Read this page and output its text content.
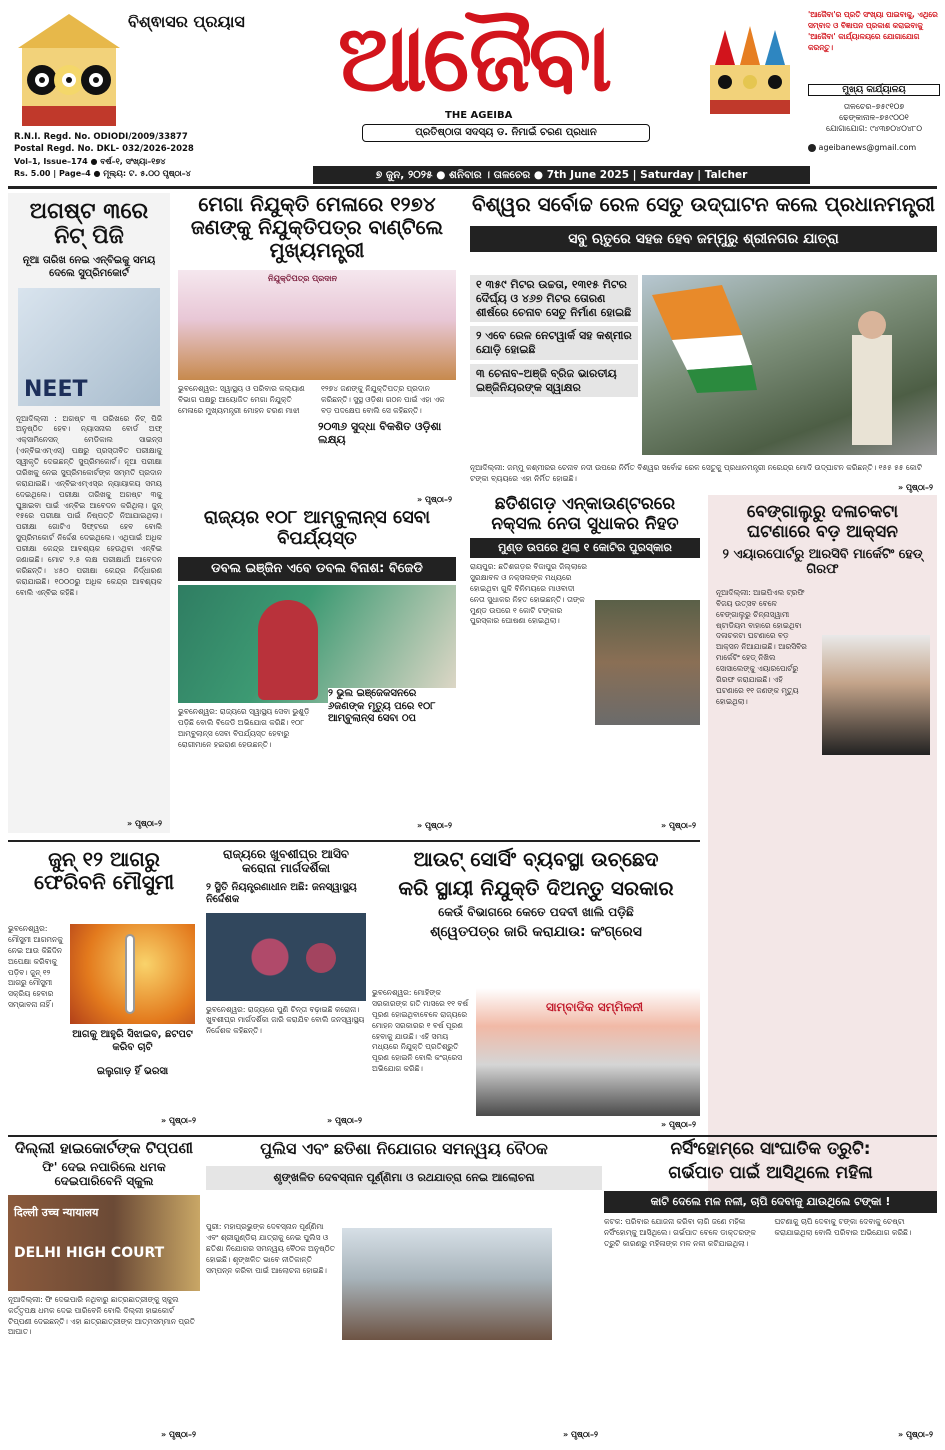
ବିଶ୍ଵାସର ପ୍ରୟାସ	ଆଜୈବା
THE AGEIBA
ପ୍ରତିଷ୍ଠାତା ସଦସ୍ୟ ଡ. ନିମାଇଁ ଚରଣ ପ୍ରଧାନ
'ଆଜୈବା'ର ପ୍ରତି ସଂଖ୍ୟା ପାଇବାକୁ, ଏଥିରେ ସମ୍ବାଦ ଓ ବିଜ୍ଞାପନ ପ୍ରକାଶ କରାଇବାକୁ 'ଆଜୈବା' କାର୍ଯ୍ୟାଳୟରେ ଯୋଗାଯୋଗ କରନ୍ତୁ।
ମୁଖ୍ୟ କାର୍ଯ୍ୟାଳୟ
ତାଳଚେର–୭୫୯୧୦୭
ଢେଙ୍କାନାଳ–୭୫୯୦୦୧
ଯୋଗାଯୋଗ: ୯୪୩୭୦୪୦୪୮୦
ageibanews@gmail.com
R.N.I. Regd. No. ODIODI/2009/33877
Postal Regd. No. DKL- 032/2026-2028
Vol–1, Issue–174 ● ବର୍ଷ–୧, ସଂଖ୍ୟା–୧୭୪
Rs. 5.00 | Page–4 ● ମୂଲ୍ୟ: ଟ. ୫.୦୦ ପୃଷ୍ଠା–୪	୭ ଜୁନ, ୨୦୨୫ ● ଶନିବାର । ତାଳଚେର ● 7th June 2025 | Saturday | Talcher
ଅଗଷ୍ଟ ୩ରେ ନିଟ୍ ପିଜି
ନୂଆ ତାରିଖ ନେଇ ଏନ୍‌ବିଇକୁ ସମୟ ଦେଲେ ସୁପ୍ରିମକୋର୍ଟ
NEET
ନୂଆଦିଲ୍ଲୀ : ଅଗଷ୍ଟ ୩ ତାରିଖରେ ନିଟ୍ ପିଜି ଅନୁଷ୍ଠିତ ହେବ। ନ୍ୟାସନାଲ ବୋର୍ଡ ଅଫ୍ ଏକ୍ସାମିନେସନ୍ ମେଡିକାଲ ସାଇନ୍ସ (ଏନ୍‌ବିଇଏମ୍‌ଏସ୍) ପକ୍ଷରୁ ପ୍ରସ୍ତାବିତ ପରୀକ୍ଷାକୁ ସ୍ୱୀକୃତି ଦେଇଛନ୍ତି ସୁପ୍ରିମକୋର୍ଟ। ନୂଆ ପରୀକ୍ଷା ତାରିଖକୁ ନେଇ ସୁପ୍ରିମକୋର୍ଟଙ୍କ ସମ୍ମତି ପ୍ରଦାନ କରାଯାଇଛି। ଏନ୍‌ବିଇଏମ୍‌ଏସ୍‌ର ନ୍ୟାୟାଳୟ ସମୟ ଦେଇଥିଲେ। ପରୀକ୍ଷା ତାରିଖକୁ ଅଗଷ୍ଟ ୩କୁ ଘୁଞ୍ଚାଇବା ପାଇଁ ଏନ୍‌ବିଇ ଆବେଦନ କରିଥିଲା। ଜୁନ୍ ୧୫ରେ ପରୀକ୍ଷା ପାଇଁ ନିଷ୍ପତ୍ତି ନିଆଯାଇଥିଲା। ପରୀକ୍ଷା ଗୋଟିଏ ସିଫ୍ଟରେ ହେବ ବୋଲି ସୁପ୍ରିମକୋର୍ଟ ନିର୍ଦ୍ଦେଶ ଦେଇଥିଲେ। ଏଥିପାଇଁ ଅଧିକ ପରୀକ୍ଷା କେନ୍ଦ୍ର ଆବଶ୍ୟକ ହେଉଥିବା ଏନ୍‌ବିଇ ଜଣାଇଛି। ମୋଟ ୨.୫ ଲକ୍ଷ ପରୀକ୍ଷାର୍ଥୀ ଆବେଦନ କରିଛନ୍ତି। ୪୫୦ ପରୀକ୍ଷା କେନ୍ଦ୍ର ନିର୍ଦ୍ଧାରଣ କରାଯାଇଛି। ୧୦୦୦ରୁ ଅଧିକ କେନ୍ଦ୍ର ଆବଶ୍ୟକ ବୋଲି ଏନ୍‌ବିଇ କହିଛି।
» ପୃଷ୍ଠା–୨
ମେଗା ନିଯୁକ୍ତି ମେଳାରେ ୧୨୭୪
ଜଣଙ୍କୁ ନିଯୁକ୍ତିପତ୍ର ବାଣ୍ଟିଲେ ମୁଖ୍ୟମନ୍ତ୍ରୀ
ନିଯୁକ୍ତିପତ୍ର ପ୍ରଦାନ
ଭୁବନେଶ୍ୱର: ସ୍ୱାସ୍ଥ୍ୟ ଓ ପରିବାର କଲ୍ୟାଣ ବିଭାଗ ପକ୍ଷରୁ ଆୟୋଜିତ ମେଗା ନିଯୁକ୍ତି ମେଳାରେ ମୁଖ୍ୟମନ୍ତ୍ରୀ ମୋହନ ଚରଣ ମାଝୀ ୧୨୭୪ ଜଣଙ୍କୁ ନିଯୁକ୍ତିପତ୍ର ପ୍ରଦାନ କରିଛନ୍ତି। ସୁସ୍ଥ ଓଡ଼ିଶା ଗଠନ ପାଇଁ ଏହା ଏକ ବଡ଼ ପଦକ୍ଷେପ ବୋଲି ସେ କହିଛନ୍ତି।
୨୦୩୬ ସୁଦ୍ଧା ବିକଶିତ ଓଡ଼ିଶା ଲକ୍ଷ୍ୟ
» ପୃଷ୍ଠା–୨
ବିଶ୍ୱର ସର୍ବୋଚ୍ଚ ରେଳ ସେତୁ ଉଦ୍‌ଘାଟନ କଲେ ପ୍ରଧାନମନ୍ତ୍ରୀ
ସବୁ ଋତୁରେ ସହଜ ହେବ ଜମ୍ମୁରୁ ଶ୍ରୀନଗର ଯାତ୍ରା
୧ ୩୫୯ ମିଟର ଉଚ୍ଚତା, ୧୩୧୫ ମିଟର ଦୈର୍ଘ୍ୟ ଓ ୪୬୭ ମିଟର ତୋରଣ ଶୀର୍ଷରେ ଚେନାବ ସେତୁ ନିର୍ମାଣ ହୋଇଛି
୨ ଏବେ ରେଳ ନେଟୱାର୍କ ସହ କଶ୍ମୀର ଯୋଡ଼ି ହୋଇଛି
୩ ଚେନାବ–ଅଞ୍ଜି ବ୍ରିଜ ଭାରତୀୟ ଇଞ୍ଜିନିୟରଙ୍କ ସ୍ୱାକ୍ଷର
ନୂଆଦିଲ୍ଲୀ: ଜମ୍ମୁ କଶ୍ମୀରର ଚେନାବ ନଦୀ ଉପରେ ନିର୍ମିତ ବିଶ୍ୱର ସର୍ବୋଚ୍ଚ ରେଳ ସେତୁକୁ ପ୍ରଧାନମନ୍ତ୍ରୀ ନରେନ୍ଦ୍ର ମୋଦି ଉଦ୍‌ଘାଟନ କରିଛନ୍ତି। ୧୫୫ ୫୫ କୋଟି ଟଙ୍କା ବ୍ୟୟରେ ଏହା ନିର୍ମିତ ହୋଇଛି।
» ପୃଷ୍ଠା–୨
ରାଜ୍ୟର ୧୦୮ ଆମ୍ବୁଲାନ୍ସ ସେବା ବିପର୍ଯ୍ୟସ୍ତ
ଡବଲ ଇଞ୍ଜିନ ଏବେ ଡବଲ ବିନାଶ: ବିଜେଡି
୨ ଭୁଲ ଇଞ୍ଜେକସନରେ ୬ଜଣଙ୍କ ମୃତ୍ୟୁ ପରେ ୧୦୮ ଆମ୍ବୁଲାନ୍ସ ସେବା ଠପ
ଭୁବନେଶ୍ୱର: ରାଜ୍ୟରେ ସ୍ୱାସ୍ଥ୍ୟ ସେବା ଭୁଶୁଡ଼ି ପଡ଼ିଛି ବୋଲି ବିଜେଡି ଅଭିଯୋଗ କରିଛି। ୧୦୮ ଆମ୍ବୁଲାନ୍ସ ସେବା ବିପର୍ଯ୍ୟସ୍ତ ହେବାରୁ ରୋଗୀମାନେ ହଇରାଣ ହେଉଛନ୍ତି।
» ପୃଷ୍ଠା–୨
ଛତିଶଗଡ଼ ଏନ୍‌କାଉଣ୍ଟରରେ
ନକ୍ସଲ ନେତା ସୁଧାକର ନିହତ
ମୁଣ୍ଡ ଉପରେ ଥିଲା ୧ କୋଟିର ପୁରସ୍କାର
ରାୟପୁର: ଛତିଶଗଡ଼ର ବିଜାପୁର ଜିଲ୍ଲାରେ ସୁରକ୍ଷାବଳ ଓ ନକ୍ସଲଙ୍କ ମଧ୍ୟରେ ହୋଇଥିବା ଗୁଳି ବିନିମୟରେ ମାଓବାଦୀ ନେତା ସୁଧାକର ନିହତ ହୋଇଛନ୍ତି। ତାଙ୍କ ମୁଣ୍ଡ ଉପରେ ୧ କୋଟି ଟଙ୍କାର ପୁରସ୍କାର ଘୋଷଣା ହୋଇଥିଲା।
» ପୃଷ୍ଠା–୨
ବେଙ୍ଗାଲୁରୁ ଦଳାଚକଟା
ଘଟଣାରେ ବଡ଼ ଆକ୍ସନ
୨ ଏୟାରପୋର୍ଟରୁ ଆରସିବି ମାର୍କେଟିଂ ହେଡ୍ ଗିରଫ
ନୂଆଦିଲ୍ଲୀ: ଆଇପିଏଲ ଟ୍ରଫି ବିଜୟ ଉତ୍ସବ ବେଳେ ବେଙ୍ଗାଲୁରୁ ଚିନ୍ନାସ୍ୱାମୀ ଷ୍ଟାଡିୟମ ବାହାରେ ହୋଇଥିବା ଦଳାଚକଟା ଘଟଣାରେ ବଡ଼ ଆକ୍ସନ ନିଆଯାଇଛି। ଆରସିବିର ମାର୍କେଟିଂ ହେଡ୍ ନିଖିଲ ସୋସାଲେଙ୍କୁ ଏୟାରପୋର୍ଟରୁ ଗିରଫ କରାଯାଇଛି। ଏହି ଘଟଣାରେ ୧୧ ଜଣଙ୍କ ମୃତ୍ୟୁ ହୋଇଥିଲା।
ଜୁନ୍ ୧୨ ଆଗରୁ
ଫେରିବନି ମୌସୁମୀ
ଆଗକୁ ଆହୁରି ସିଝାଇବ, ଛଟପଟ କରିବ ଚାଟି
ଇଲୁଗାଡ଼ ହିଁ ଭରସା
ଭୁବନେଶ୍ୱର: ମୌସୁମୀ ଆଗମନକୁ ନେଇ ଆଉ କିଛିଦିନ ଅପେକ୍ଷା କରିବାକୁ ପଡ଼ିବ। ଜୁନ୍ ୧୨ ଆଗରୁ ମୌସୁମୀ ସକ୍ରିୟ ହେବାର ସମ୍ଭାବନା ନାହିଁ।
» ପୃଷ୍ଠା–୨
ରାଜ୍ୟରେ ଖୁବଶୀଘ୍ର ଆସିବ
କରୋନା ମାର୍ଗଦର୍ଶିକା
୨ ସ୍ଥିତି ନିୟନ୍ତ୍ରଣାଧୀନ ଅଛି: ଜନସ୍ୱାସ୍ଥ୍ୟ ନିର୍ଦ୍ଦେଶକ
ଭୁବନେଶ୍ୱର: ରାଜ୍ୟରେ ପୁଣି ଚିନ୍ତା ବଢ଼ାଇଛି କରୋନା। ଖୁବଶୀଘ୍ର ମାର୍ଗଦର୍ଶିକା ଜାରି କରାଯିବ ବୋଲି ଜନସ୍ୱାସ୍ଥ୍ୟ ନିର୍ଦ୍ଦେଶକ କହିଛନ୍ତି।
» ପୃଷ୍ଠା–୨
ଆଉଟ୍ ସୋର୍ସିଂ ବ୍ୟବସ୍ଥା ଉଚ୍ଛେଦ
କରି ସ୍ଥାୟୀ ନିଯୁକ୍ତି ଦିଅନ୍ତୁ ସରକାର
କେଉଁ ବିଭାଗରେ କେତେ ପଦବୀ ଖାଲି ପଡ଼ିଛି
ଶ୍ୱେତପତ୍ର ଜାରି କରାଯାଉ: କଂଗ୍ରେସ
ଭୁବନେଶ୍ୱର: ମୋହିଙ୍କ ସରକାରଙ୍କ ଗତି ମାସରେ ୧୧ ବର୍ଷ ପୂରଣ ହୋଇଥିବାବେଳେ ରାଜ୍ୟରେ ମୋହନ ସରକାରର ୧ ବର୍ଷ ପୂରଣ ହେବାକୁ ଯାଉଛି। ଏହି ସମୟ ମଧ୍ୟରେ ନିଯୁକ୍ତି ପ୍ରତିଶ୍ରୁତି ପୂରଣ ହୋଇନି ବୋଲି କଂଗ୍ରେସ ଅଭିଯୋଗ କରିଛି।
ସାମ୍ବାଦିକ ସମ୍ମିଳନୀ
» ପୃଷ୍ଠା–୨
ଦିଲ୍ଲୀ ହାଇକୋର୍ଟଙ୍କ ଟିପ୍ପଣୀ
ଫି' ଦେଇ ନପାରିଲେ ଧମକ ଦେଇପାରିବେନି ସ୍କୁଲ
दिल्ली उच्च न्यायालय
DELHI HIGH COURT
ନୂଆଦିଲ୍ଲୀ: ଫି ଦେଇପାରି ନଥିବାରୁ ଛାତ୍ରଛାତ୍ରୀଙ୍କୁ ସ୍କୁଲ କର୍ତ୍ତୃପକ୍ଷ ଧମକ ଦେଇ ପାରିବେନି ବୋଲି ଦିଲ୍ଲୀ ହାଇକୋର୍ଟ ଟିପ୍ପଣୀ ଦେଇଛନ୍ତି। ଏହା ଛାତ୍ରଛାତ୍ରୀଙ୍କ ଆତ୍ମସମ୍ମାନ ପ୍ରତି ଆଘାତ।
» ପୃଷ୍ଠା–୨
ପୁଲିସ ଏବଂ ଛତିଶା ନିଯୋଗର ସମନ୍ୱୟ ବୈଠକ
ଶୃଙ୍ଖଳିତ ଦେବସ୍ନାନ ପୂର୍ଣ୍ଣିମା ଓ ରଥଯାତ୍ରା ନେଇ ଆଲୋଚନା
ପୁରୀ: ମହାପ୍ରଭୁଙ୍କ ଦେବସ୍ନାନ ପୂର୍ଣ୍ଣିମା ଏବଂ ଶ୍ରୀଗୁଣ୍ଡିଚା ଯାତ୍ରାକୁ ନେଇ ପୁଲିସ ଓ ଛତିଶା ନିଯୋଗର ସମନ୍ୱୟ ବୈଠକ ଅନୁଷ୍ଠିତ ହୋଇଛି। ଶୃଙ୍ଖଳିତ ଭାବେ ନୀତିକାନ୍ତି ସମ୍ପନ୍ନ କରିବା ପାଇଁ ଆଲୋଚନା ହୋଇଛି।
» ପୃଷ୍ଠା–୨
ନର୍ସିଂହୋମ୍‌ରେ ସାଂଘାତିକ ତ୍ରୁଟି:
ଗର୍ଭପାତ ପାଇଁ ଆସିଥିଲେ ମହିଳା
କାଟି ଦେଲେ ମଳ ନଳୀ, ଚାପି ଦେବାକୁ ଯାଉଥିଲେ ଟଙ୍କା !
କଟକ: ପରିବାର ଯୋଜନା କରିବା ଲାଗି ଜଣେ ମହିଳା ନର୍ସିଂହୋମ୍‌କୁ ଆସିଥିଲେ। ଗର୍ଭପାତ ବେଳେ ଡାକ୍ତରଙ୍କ ତ୍ରୁଟି କାରଣରୁ ମହିଳାଙ୍କ ମଳ ନଳୀ କଟିଯାଇଥିଲା। ଘଟଣାକୁ ଚାପି ଦେବାକୁ ଟଙ୍କା ଦେବାକୁ ଚେଷ୍ଟା କରାଯାଇଥିଲା ବୋଲି ପରିବାର ଅଭିଯୋଗ କରିଛି।
» ପୃଷ୍ଠା–୨
